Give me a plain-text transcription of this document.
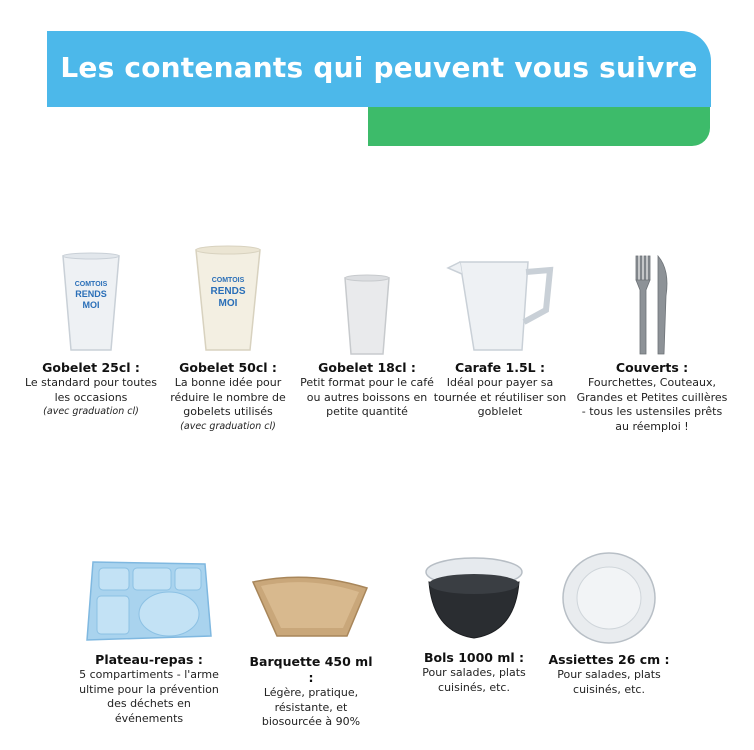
Les contenants qui peuvent vous suivre
COMTOIS
RENDS
MOI
Gobelet 25cl :
Le standard pour toutes les occasions
(avec graduation cl)
COMTOIS
RENDS
MOI
Gobelet 50cl :
La bonne idée pour réduire le nombre de gobelets utilisés
(avec graduation cl)
Gobelet 18cl :
Petit format pour le café ou autres boissons en petite quantité
Carafe 1.5L :
Idéal pour payer sa tournée et réutiliser son goblelet
Couverts :
Fourchettes, Couteaux, Grandes et Petites cuillères - tous les ustensiles prêts au réemploi !
Plateau-repas :
5 compartiments - l'arme ultime pour la prévention des déchets en événements
Barquette 450 ml :
Légère, pratique, résistante, et biosourcée à 90%
Bols 1000 ml :
Pour salades, plats cuisinés, etc.
Assiettes 26 cm :
Pour salades, plats cuisinés, etc.
